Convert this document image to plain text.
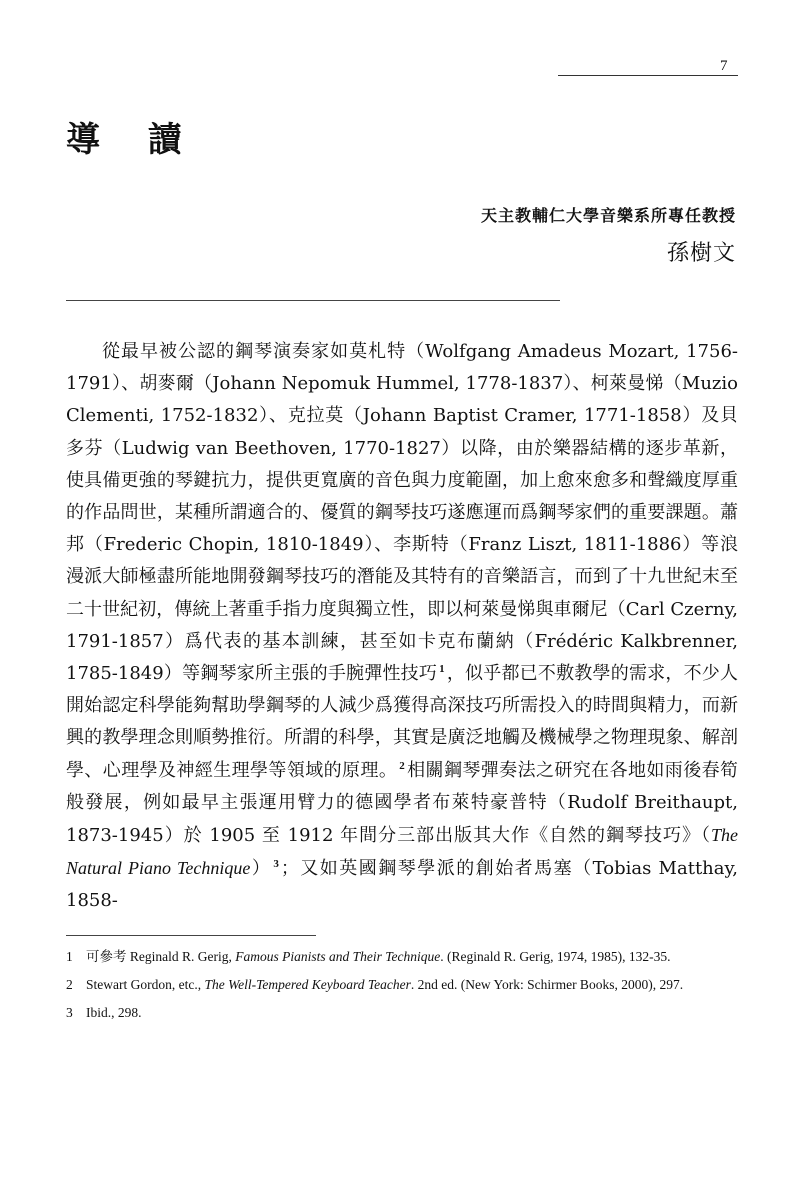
7
導 讀
天主教輔仁大學音樂系所專任教授
孫樹文

從最早被公認的鋼琴演奏家如莫札特（Wolfgang Amadeus Mozart, 1756-1791）、胡麥爾（Johann Nepomuk Hummel, 1778-1837）、柯萊曼悌（Muzio Clementi, 1752-1832）、克拉莫（Johann Baptist Cramer, 1771-1858）及貝多芬（Ludwig van Beethoven, 1770-1827）以降，由於樂器結構的逐步革新，使具備更強的琴鍵抗力，提供更寬廣的音色與力度範圍，加上愈來愈多和聲織度厚重的作品問世，某種所謂適合的、優質的鋼琴技巧遂應運而爲鋼琴家們的重要課題。蕭邦（Frederic Chopin, 1810-1849）、李斯特（Franz Liszt, 1811-1886）等浪漫派大師極盡所能地開發鋼琴技巧的潛能及其特有的音樂語言，而到了十九世紀末至二十世紀初，傳統上著重手指力度與獨立性，即以柯萊曼悌與車爾尼（Carl Czerny, 1791-1857）爲代表的基本訓練，甚至如卡克布蘭納（Frédéric Kalkbrenner, 1785-1849）等鋼琴家所主張的手腕彈性技巧 $^1$ ，似乎都已不敷教學的需求，不少人開始認定科學能夠幫助學鋼琴的人減少爲獲得高深技巧所需投入的時間與精力，而新興的教學理念則順勢推衍。所謂的科學，其實是廣泛地觸及機械學之物理現象、解剖學、心理學及神經生理學等領域的原理。 $^2$ 相關鋼琴彈奏法之研究在各地如雨後春筍般發展，例如最早主張運用臂力的德國學者布萊特豪普特（Rudolf Breithaupt, 1873-1945）於 1905 至 1912 年間分三部出版其大作《自然的鋼琴技巧》（The Natural Piano Technique） $^3$ ；又如英國鋼琴學派的創始者馬塞（Tobias Matthay, 1858-

1 可參考 Reginald R. Gerig, Famous Pianists and Their Technique. (Reginald R. Gerig, 1974, 1985), 132-35.
2 Stewart Gordon, etc., The Well-Tempered Keyboard Teacher. 2nd ed. (New York: Schirmer Books, 2000), 297.
3 Ibid., 298.
